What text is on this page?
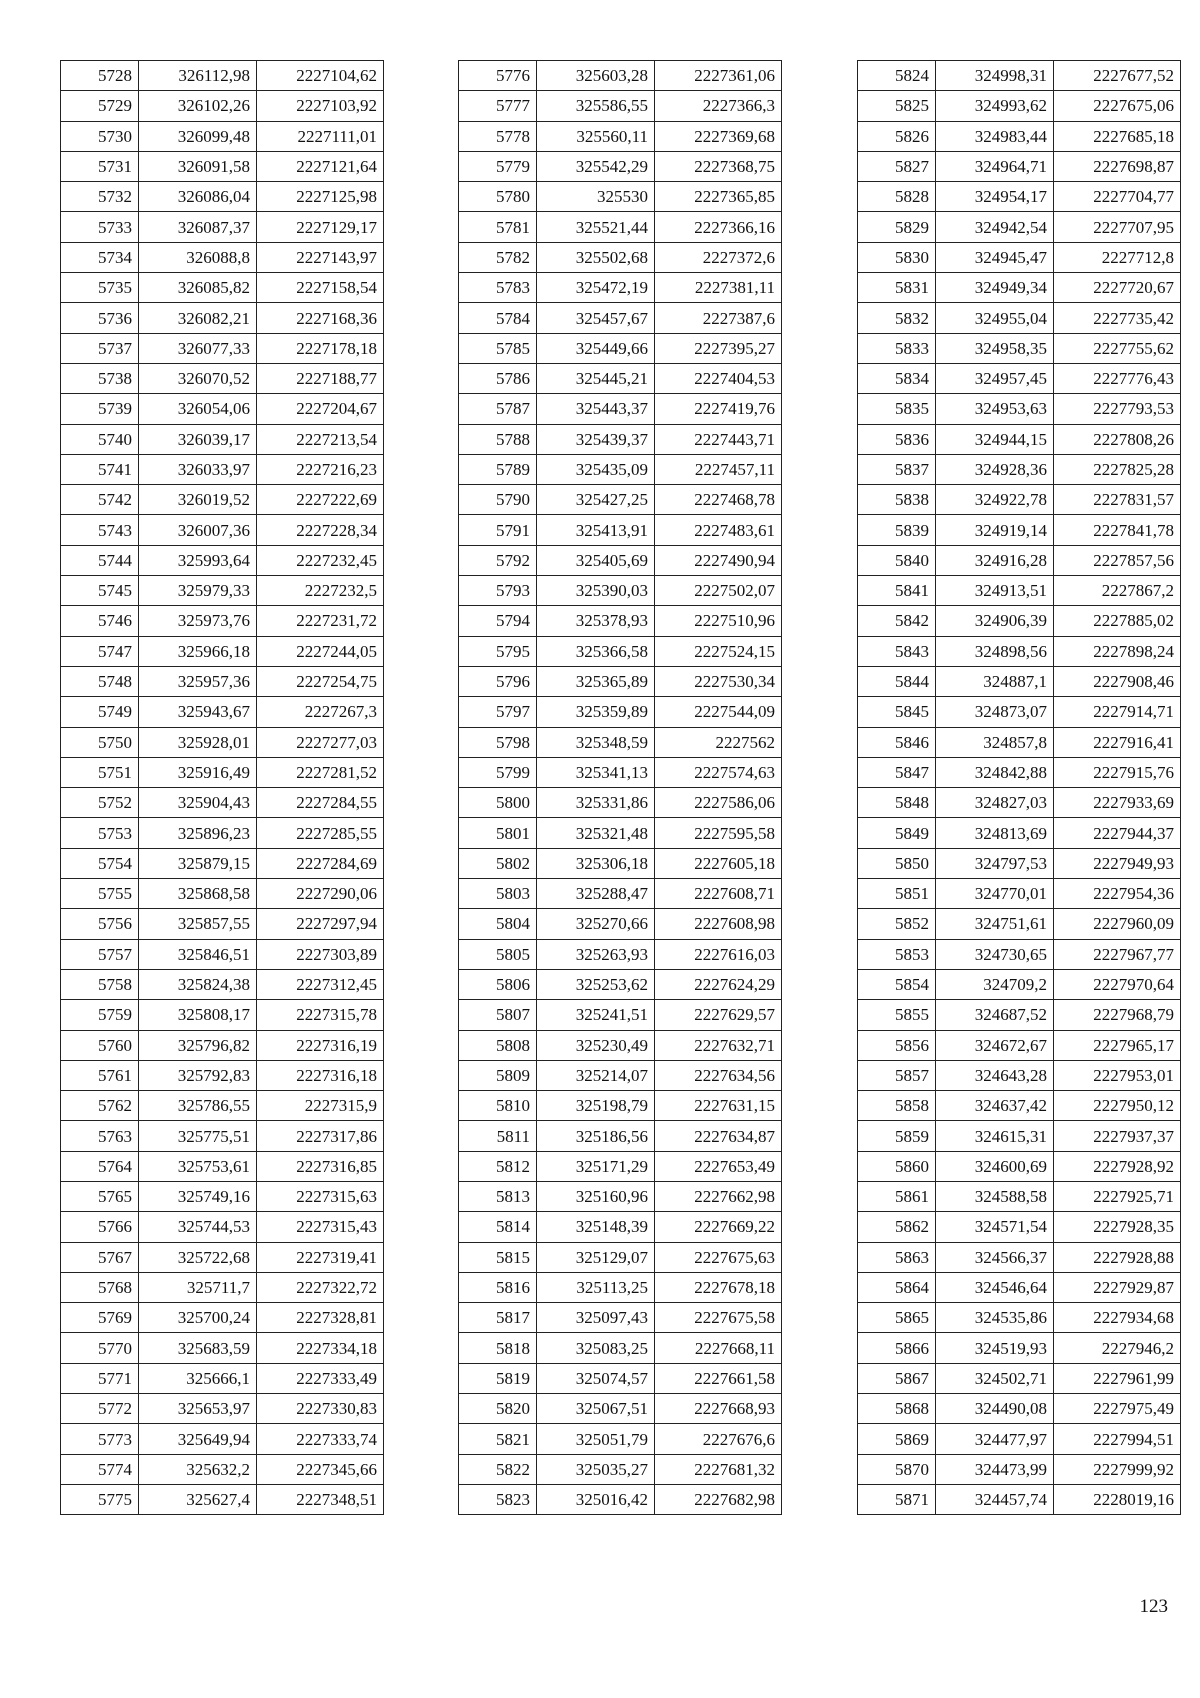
5728	326112,98	2227104,62
5729	326102,26	2227103,92
5730	326099,48	2227111,01
5731	326091,58	2227121,64
5732	326086,04	2227125,98
5733	326087,37	2227129,17
5734	326088,8	2227143,97
5735	326085,82	2227158,54
5736	326082,21	2227168,36
5737	326077,33	2227178,18
5738	326070,52	2227188,77
5739	326054,06	2227204,67
5740	326039,17	2227213,54
5741	326033,97	2227216,23
5742	326019,52	2227222,69
5743	326007,36	2227228,34
5744	325993,64	2227232,45
5745	325979,33	2227232,5
5746	325973,76	2227231,72
5747	325966,18	2227244,05
5748	325957,36	2227254,75
5749	325943,67	2227267,3
5750	325928,01	2227277,03
5751	325916,49	2227281,52
5752	325904,43	2227284,55
5753	325896,23	2227285,55
5754	325879,15	2227284,69
5755	325868,58	2227290,06
5756	325857,55	2227297,94
5757	325846,51	2227303,89
5758	325824,38	2227312,45
5759	325808,17	2227315,78
5760	325796,82	2227316,19
5761	325792,83	2227316,18
5762	325786,55	2227315,9
5763	325775,51	2227317,86
5764	325753,61	2227316,85
5765	325749,16	2227315,63
5766	325744,53	2227315,43
5767	325722,68	2227319,41
5768	325711,7	2227322,72
5769	325700,24	2227328,81
5770	325683,59	2227334,18
5771	325666,1	2227333,49
5772	325653,97	2227330,83
5773	325649,94	2227333,74
5774	325632,2	2227345,66
5775	325627,4	2227348,51
5776	325603,28	2227361,06
5777	325586,55	2227366,3
5778	325560,11	2227369,68
5779	325542,29	2227368,75
5780	325530	2227365,85
5781	325521,44	2227366,16
5782	325502,68	2227372,6
5783	325472,19	2227381,11
5784	325457,67	2227387,6
5785	325449,66	2227395,27
5786	325445,21	2227404,53
5787	325443,37	2227419,76
5788	325439,37	2227443,71
5789	325435,09	2227457,11
5790	325427,25	2227468,78
5791	325413,91	2227483,61
5792	325405,69	2227490,94
5793	325390,03	2227502,07
5794	325378,93	2227510,96
5795	325366,58	2227524,15
5796	325365,89	2227530,34
5797	325359,89	2227544,09
5798	325348,59	2227562
5799	325341,13	2227574,63
5800	325331,86	2227586,06
5801	325321,48	2227595,58
5802	325306,18	2227605,18
5803	325288,47	2227608,71
5804	325270,66	2227608,98
5805	325263,93	2227616,03
5806	325253,62	2227624,29
5807	325241,51	2227629,57
5808	325230,49	2227632,71
5809	325214,07	2227634,56
5810	325198,79	2227631,15
5811	325186,56	2227634,87
5812	325171,29	2227653,49
5813	325160,96	2227662,98
5814	325148,39	2227669,22
5815	325129,07	2227675,63
5816	325113,25	2227678,18
5817	325097,43	2227675,58
5818	325083,25	2227668,11
5819	325074,57	2227661,58
5820	325067,51	2227668,93
5821	325051,79	2227676,6
5822	325035,27	2227681,32
5823	325016,42	2227682,98
5824	324998,31	2227677,52
5825	324993,62	2227675,06
5826	324983,44	2227685,18
5827	324964,71	2227698,87
5828	324954,17	2227704,77
5829	324942,54	2227707,95
5830	324945,47	2227712,8
5831	324949,34	2227720,67
5832	324955,04	2227735,42
5833	324958,35	2227755,62
5834	324957,45	2227776,43
5835	324953,63	2227793,53
5836	324944,15	2227808,26
5837	324928,36	2227825,28
5838	324922,78	2227831,57
5839	324919,14	2227841,78
5840	324916,28	2227857,56
5841	324913,51	2227867,2
5842	324906,39	2227885,02
5843	324898,56	2227898,24
5844	324887,1	2227908,46
5845	324873,07	2227914,71
5846	324857,8	2227916,41
5847	324842,88	2227915,76
5848	324827,03	2227933,69
5849	324813,69	2227944,37
5850	324797,53	2227949,93
5851	324770,01	2227954,36
5852	324751,61	2227960,09
5853	324730,65	2227967,77
5854	324709,2	2227970,64
5855	324687,52	2227968,79
5856	324672,67	2227965,17
5857	324643,28	2227953,01
5858	324637,42	2227950,12
5859	324615,31	2227937,37
5860	324600,69	2227928,92
5861	324588,58	2227925,71
5862	324571,54	2227928,35
5863	324566,37	2227928,88
5864	324546,64	2227929,87
5865	324535,86	2227934,68
5866	324519,93	2227946,2
5867	324502,71	2227961,99
5868	324490,08	2227975,49
5869	324477,97	2227994,51
5870	324473,99	2227999,92
5871	324457,74	2228019,16
123
